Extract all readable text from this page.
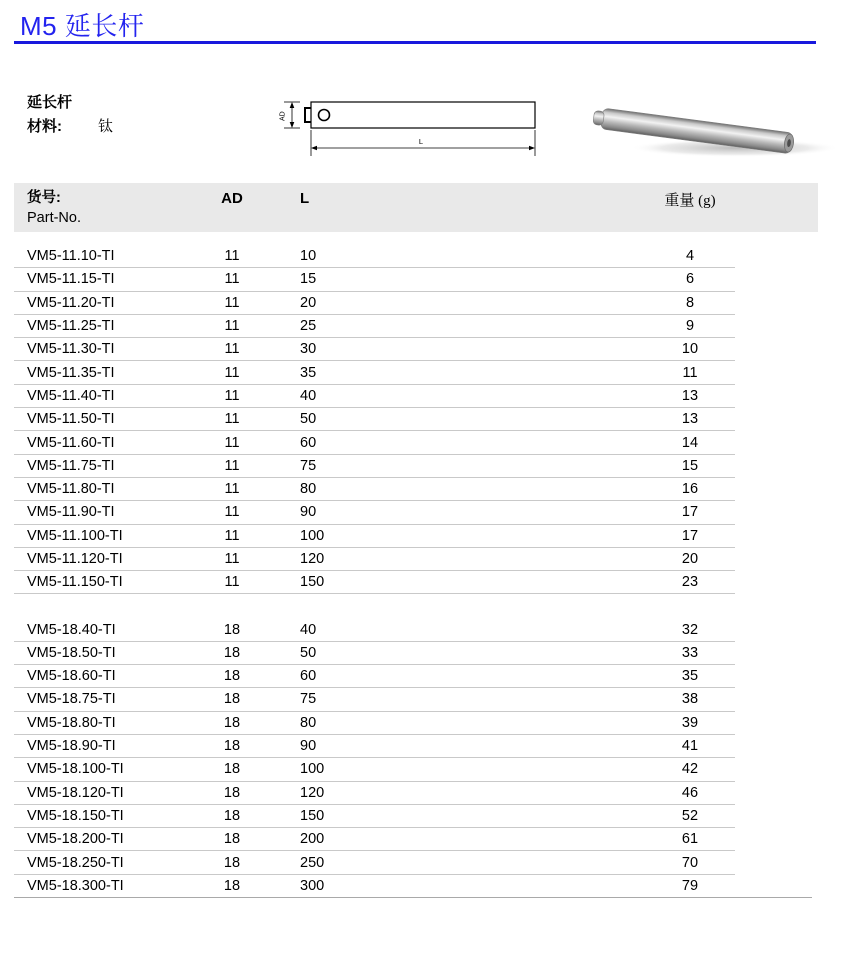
M5 延长杆
延长杆
材料: 钛
AD
L
货号:
Part-No.
AD	L	重量 (g)
VM5-11.10-TI	11	10	4
VM5-11.15-TI	11	15	6
VM5-11.20-TI	11	20	8
VM5-11.25-TI	11	25	9
VM5-11.30-TI	11	30	10
VM5-11.35-TI	11	35	11
VM5-11.40-TI	11	40	13
VM5-11.50-TI	11	50	13
VM5-11.60-TI	11	60	14
VM5-11.75-TI	11	75	15
VM5-11.80-TI	11	80	16
VM5-11.90-TI	11	90	17
VM5-11.100-TI	11	100	17
VM5-11.120-TI	11	120	20
VM5-11.150-TI	11	150	23
VM5-18.40-TI	18	40	32
VM5-18.50-TI	18	50	33
VM5-18.60-TI	18	60	35
VM5-18.75-TI	18	75	38
VM5-18.80-TI	18	80	39
VM5-18.90-TI	18	90	41
VM5-18.100-TI	18	100	42
VM5-18.120-TI	18	120	46
VM5-18.150-TI	18	150	52
VM5-18.200-TI	18	200	61
VM5-18.250-TI	18	250	70
VM5-18.300-TI	18	300	79
